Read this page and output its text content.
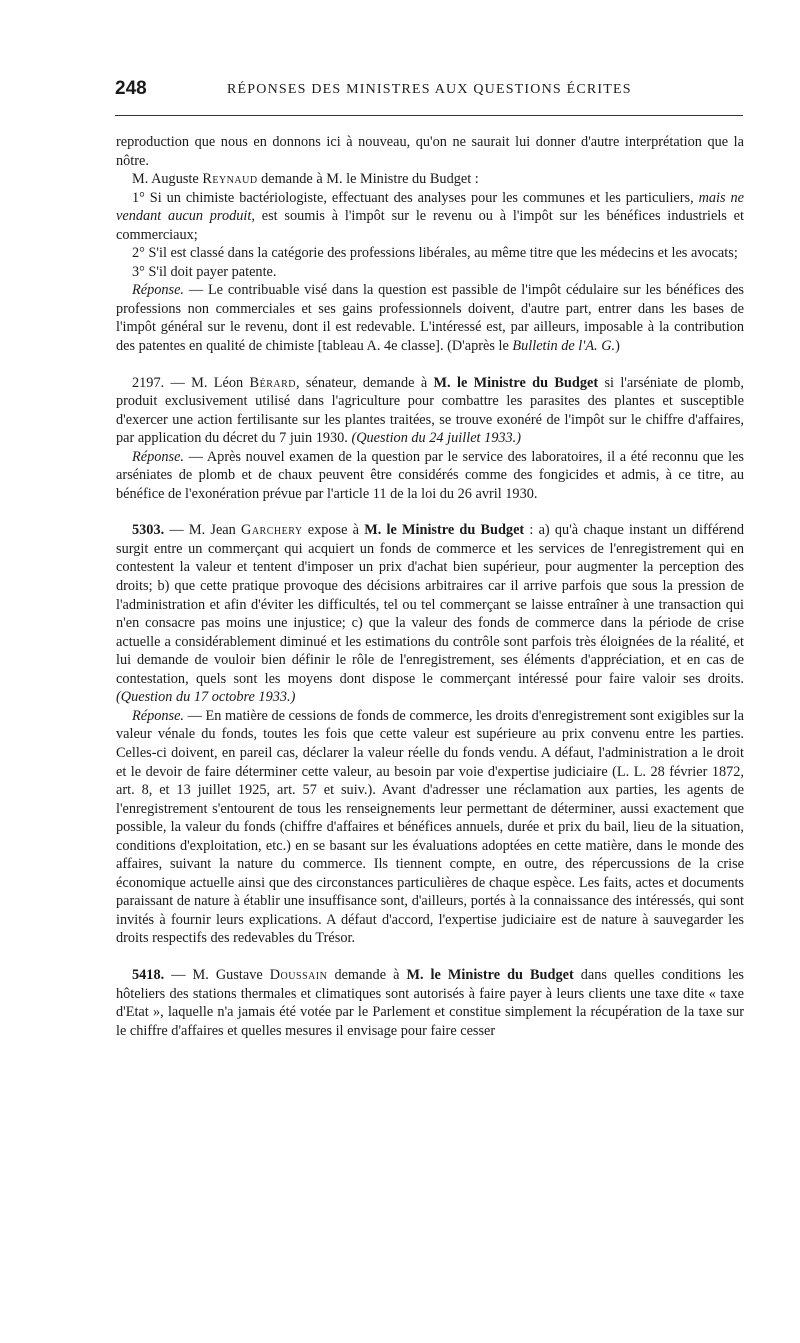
248	RÉPONSES DES MINISTRES AUX QUESTIONS ÉCRITES

reproduction que nous en donnons ici à nouveau, qu'on ne saurait lui donner d'autre interprétation que la nôtre.

M. Auguste Reynaud demande à M. le Ministre du Budget :

1° Si un chimiste bactériologiste, effectuant des analyses pour les communes et les particuliers, mais ne vendant aucun produit, est soumis à l'impôt sur le revenu ou à l'impôt sur les bénéfices industriels et commerciaux;

2° S'il est classé dans la catégorie des professions libérales, au même titre que les médecins et les avocats;

3° S'il doit payer patente.

Réponse. — Le contribuable visé dans la question est passible de l'impôt cédulaire sur les bénéfices des professions non commerciales et ses gains professionnels doivent, d'autre part, entrer dans les bases de l'impôt général sur le revenu, dont il est redevable. L'intéressé est, par ailleurs, imposable à la contribution des patentes en qualité de chimiste [tableau A. 4e classe]. (D'après le Bulletin de l'A. G.)

2197. — M. Léon Bérard, sénateur, demande à M. le Ministre du Budget si l'arséniate de plomb, produit exclusivement utilisé dans l'agriculture pour combattre les parasites des plantes et susceptible d'exercer une action fertilisante sur les plantes traitées, se trouve exonéré de l'impôt sur le chiffre d'affaires, par application du décret du 7 juin 1930. (Question du 24 juillet 1933.)

Réponse. — Après nouvel examen de la question par le service des laboratoires, il a été reconnu que les arséniates de plomb et de chaux peuvent être considérés comme des fongicides et admis, à ce titre, au bénéfice de l'exonération prévue par l'article 11 de la loi du 26 avril 1930.

5303. — M. Jean Garchery expose à M. le Ministre du Budget : a) qu'à chaque instant un différend surgit entre un commerçant qui acquiert un fonds de commerce et les services de l'enregistrement qui en contestent la valeur et tentent d'imposer un prix d'achat bien supérieur, pour augmenter la perception des droits; b) que cette pratique provoque des décisions arbitraires car il arrive parfois que sous la pression de l'administration et afin d'éviter les difficultés, tel ou tel commerçant se laisse entraîner à une transaction qui n'en consacre pas moins une injustice; c) que la valeur des fonds de commerce dans la période de crise actuelle a considérablement diminué et les estimations du contrôle sont parfois très éloignées de la réalité, et lui demande de vouloir bien définir le rôle de l'enregistrement, ses éléments d'appréciation, et en cas de contestation, quels sont les moyens dont dispose le commerçant intéressé pour faire valoir ses droits. (Question du 17 octobre 1933.)

Réponse. — En matière de cessions de fonds de commerce, les droits d'enregistrement sont exigibles sur la valeur vénale du fonds, toutes les fois que cette valeur est supérieure au prix convenu entre les parties. Celles-ci doivent, en pareil cas, déclarer la valeur réelle du fonds vendu. A défaut, l'administration a le droit et le devoir de faire déterminer cette valeur, au besoin par voie d'expertise judiciaire (L. L. 28 février 1872, art. 8, et 13 juillet 1925, art. 57 et suiv.). Avant d'adresser une réclamation aux parties, les agents de l'enregistrement s'entourent de tous les renseignements leur permettant de déterminer, aussi exactement que possible, la valeur du fonds (chiffre d'affaires et bénéfices annuels, durée et prix du bail, lieu de la situation, conditions d'exploitation, etc.) en se basant sur les évaluations adoptées en cette matière, dans le monde des affaires, suivant la nature du commerce. Ils tiennent compte, en outre, des répercussions de la crise économique actuelle ainsi que des circonstances particulières de chaque espèce. Les faits, actes et documents paraissant de nature à établir une insuffisance sont, d'ailleurs, portés à la connaissance des intéressés, qui sont invités à fournir leurs explications. A défaut d'accord, l'expertise judiciaire est de nature à sauvegarder les droits respectifs des redevables du Trésor.

5418. — M. Gustave Doussain demande à M. le Ministre du Budget dans quelles conditions les hôteliers des stations thermales et climatiques sont autorisés à faire payer à leurs clients une taxe dite « taxe d'Etat », laquelle n'a jamais été votée par le Parlement et constitue simplement la récupération de la taxe sur le chiffre d'affaires et quelles mesures il envisage pour faire cesser
